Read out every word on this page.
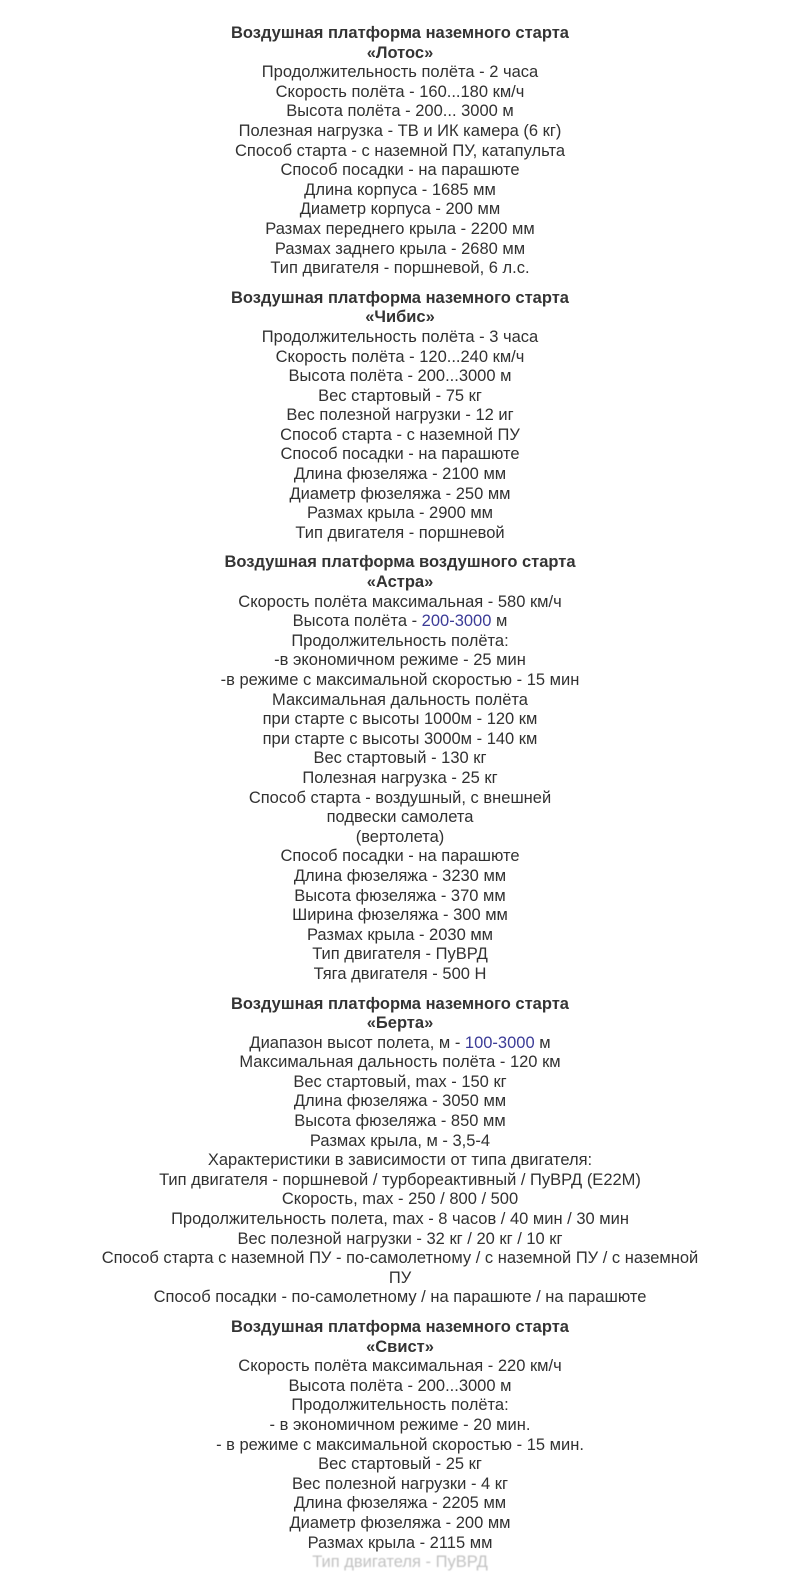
Воздушная платформа наземного старта
«Лотос»
Продолжительность полёта - 2 часа
Скорость полёта - 160...180 км/ч
Высота полёта - 200... 3000 м
Полезная нагрузка - ТВ и ИК камера (6 кг)
Способ старта - с наземной ПУ, катапульта
Способ посадки - на парашюте
Длина корпуса - 1685 мм
Диаметр корпуса - 200 мм
Размах переднего крыла - 2200 мм
Размах заднего крыла - 2680 мм
Тип двигателя - поршневой, 6 л.с.
Воздушная платформа наземного старта
«Чибис»
Продолжительность полёта - 3 часа
Скорость полёта - 120...240 км/ч
Высота полёта - 200...3000 м
Вес стартовый - 75 кг
Вес полезной нагрузки - 12 иг
Способ старта - с наземной ПУ
Способ посадки - на парашюте
Длина фюзеляжа - 2100 мм
Диаметр фюзеляжа - 250 мм
Размах крыла - 2900 мм
Тип двигателя - поршневой
Воздушная платформа воздушного старта
«Астра»
Скорость полёта максимальная - 580 км/ч
Высота полёта - 200-3000 м
Продолжительность полёта:
-в экономичном режиме - 25 мин
-в режиме с максимальной скоростью - 15 мин
Максимальная дальность полёта
при старте с высоты 1000м - 120 км
при старте с высоты 3000м - 140 км
Вес стартовый - 130 кг
Полезная нагрузка - 25 кг
Способ старта - воздушный, с внешней
подвески самолета
(вертолета)
Способ посадки - на парашюте
Длина фюзеляжа - 3230 мм
Высота фюзеляжа - 370 мм
Ширина фюзеляжа - 300 мм
Размах крыла - 2030 мм
Тип двигателя - ПуВРД
Тяга двигателя - 500 Н
Воздушная платформа наземного старта
«Берта»
Диапазон высот полета, м - 100-3000 м
Максимальная дальность полёта - 120 км
Вес стартовый, max - 150 кг
Длина фюзеляжа - 3050 мм
Высота фюзеляжа - 850 мм
Размах крыла, м - 3,5-4
Характеристики в зависимости от типа двигателя:
Тип двигателя - поршневой / турбореактивный / ПуВРД (Е22М)
Скорость, max - 250 / 800 / 500
Продолжительность полета, max - 8 часов / 40 мин / 30 мин
Вес полезной нагрузки - 32 кг / 20 кг / 10 кг
Способ старта с наземной ПУ - по-самолетному / с наземной ПУ / с наземной
ПУ
Способ посадки - по-самолетному / на парашюте / на парашюте
Воздушная платформа наземного старта
«Свист»
Скорость полёта максимальная - 220 км/ч
Высота полёта - 200...3000 м
Продолжительность полёта:
- в экономичном режиме - 20 мин.
- в режиме с максимальной скоростью - 15 мин.
Вес стартовый - 25 кг
Вес полезной нагрузки - 4 кг
Длина фюзеляжа - 2205 мм
Диаметр фюзеляжа - 200 мм
Размах крыла - 2115 мм
Тип двигателя - ПуВРД
